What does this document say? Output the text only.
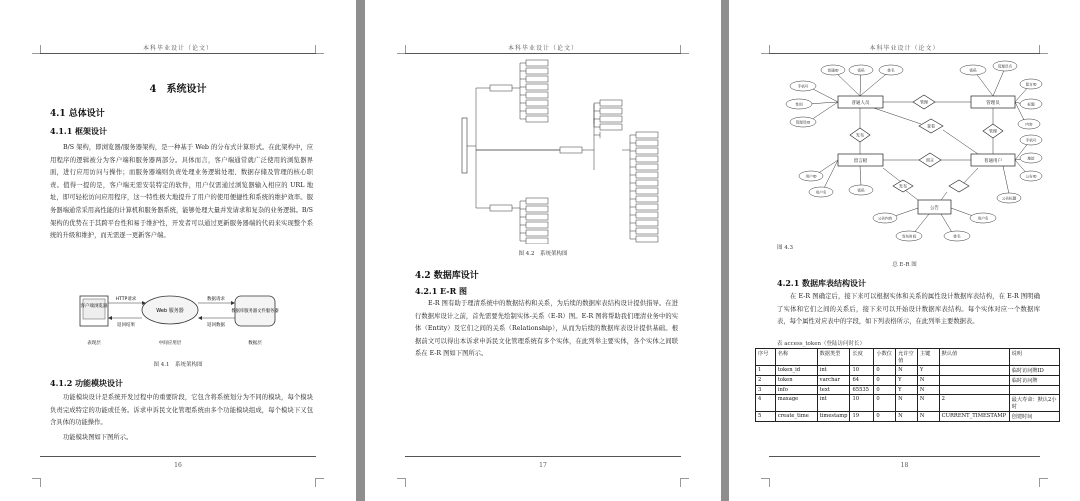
本科毕业设计（论文）
4　系统设计
4.1 总体设计
4.1.1 框架设计
B/S 架构，即浏览器/服务器架构，是一种基于 Web 的分布式计算形式。在此架构中，应用程序的逻辑被分为客户端和服务器两部分。具体而言，客户端通常就广泛使用的浏览器界面，进行应用访问与操作；而服务器端则负责处理业务逻辑处理、数据存储及管理的核心职责。值得一提的是，客户端无需安装特定的软件，用户仅需通过浏览器输入相应的 URL 地址，即可轻松访问应用程序，这一特性极大地提升了用户的使用便捷性和系统的维护效率。服务器端通常采用高性能的计算机和服务器系统，能够处理大量并发请求和复杂的业务逻辑。B/S 架构的优势在于其跨平台性和易于维护性，开发者可以通过更新服务器端的代码来实现整个系统的升级和维护，而无需逐一更新客户端。
客户端浏览器
Web 服务器	数据库服务器文件服务器
HTTP请求
返回结果
数据请求
返回数据
表现层	中间应用层	数据层
图 4.1　系统架构图
4.1.2 功能模块设计
功能模块设计是系统开发过程中的重要阶段，它包含将系统划分为不同的模块，每个模块负责完成特定的功能或任务。诉求申诉民文化管理系统由多个功能模块组成，每个模块下又包含具体的功能操作。
功能模块图如下图所示。
16
本科毕业设计（论文）
图 4.2　系统架构图
4.2 数据库设计
4.2.1 E-R 图
E-R 图有助于理清系统中的数据结构和关系，为后续的数据库表结构设计提供指导。在进行数据库设计之前，首先需要先绘制实体-关系（E-R）图。E-R 图将帮助我们理清业务中的实体（Entity）及它们之间的关系（Relationship），从而为后续的数据库表设计提供基础。根据前文可以得出本诉求申诉民文化管理系统有多个实体，在此列举主要实体，各个实体之间联系在 E-R 图如下图所示。
17
本科毕业设计（论文）
普通人员	管理员
留言板	普通用户
公告
管理
发布
管理
留言
查看
发布
普通ID	密码	姓名
手机号
性别
管理员ID
密码
管理员名
留言ID
标题
内容
用户ID
用户名	密码
手机号
地址
公告ID
公告标题
公告内容
发布时间	姓名
用户名
图 4.3
总 E-R 图
4.2.1 数据库表结构设计
在 E-R 图确定后，接下来可以根据实体和关系的属性设计数据库表结构，在 E-R 图明确了实体和它们之间的关系后，接下来可以开始设计数据库表结构。每个实体对应一个数据库表，每个属性对应表中的字段，如下列表格所示，在此列举主要数据表。
表 access_token（登陆访问时长）
序号	名称	数据类型	长度	小数位	允许空值	主键	默认值	说明
1	token_id	int	10	0	N	Y		临时访问牌ID
2	token	varchar	64	0	Y	N		临时访问牌
3	info	text	65535	0	Y	N		
4	maxage	int	10	0	N	N	2	最大寿命：默认2小时
5	create_time	timestamp	19	0	N	N	CURRENT_TIMESTAMP	创建时间
18
